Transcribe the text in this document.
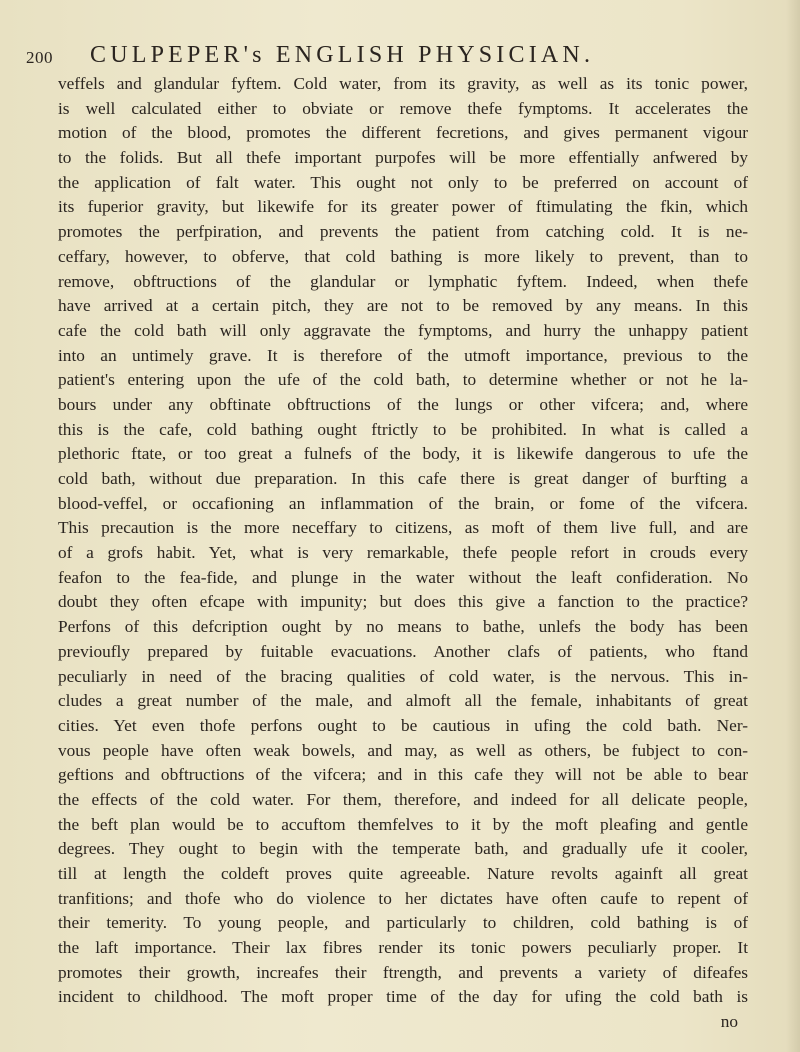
200 CULPEPER's ENGLISH PHYSICIAN.
veffels and glandular fyftem. Cold water, from its gravity, as well as its tonic power,
is well calculated either to obviate or remove thefe fymptoms. It accelerates the
motion of the blood, promotes the different fecretions, and gives permanent vigour
to the folids. But all thefe important purpofes will be more effentially anfwered by
the application of falt water. This ought not only to be preferred on account of
its fuperior gravity, but likewife for its greater power of ftimulating the fkin, which
promotes the perfpiration, and prevents the patient from catching cold. It is ne-
ceffary, however, to obferve, that cold bathing is more likely to prevent, than to
remove, obftructions of the glandular or lymphatic fyftem. Indeed, when thefe
have arrived at a certain pitch, they are not to be removed by any means. In this
cafe the cold bath will only aggravate the fymptoms, and hurry the unhappy patient
into an untimely grave. It is therefore of the utmoft importance, previous to the
patient's entering upon the ufe of the cold bath, to determine whether or not he la-
bours under any obftinate obftructions of the lungs or other vifcera; and, where
this is the cafe, cold bathing ought ftrictly to be prohibited. In what is called a
plethoric ftate, or too great a fulnefs of the body, it is likewife dangerous to ufe the
cold bath, without due preparation. In this cafe there is great danger of burfting a
blood-veffel, or occafioning an inflammation of the brain, or fome of the vifcera.
This precaution is the more neceffary to citizens, as moft of them live full, and are
of a grofs habit. Yet, what is very remarkable, thefe people refort in crouds every
feafon to the fea-fide, and plunge in the water without the leaft confideration. No
doubt they often efcape with impunity; but does this give a fanction to the practice?
Perfons of this defcription ought by no means to bathe, unlefs the body has been
previoufly prepared by fuitable evacuations. Another clafs of patients, who ftand
peculiarly in need of the bracing qualities of cold water, is the nervous. This in-
cludes a great number of the male, and almoft all the female, inhabitants of great
cities. Yet even thofe perfons ought to be cautious in ufing the cold bath. Ner-
vous people have often weak bowels, and may, as well as others, be fubject to con-
geftions and obftructions of the vifcera; and in this cafe they will not be able to bear
the effects of the cold water. For them, therefore, and indeed for all delicate people,
the beft plan would be to accuftom themfelves to it by the moft pleafing and gentle
degrees. They ought to begin with the temperate bath, and gradually ufe it cooler,
till at length the coldeft proves quite agreeable. Nature revolts againft all great
tranfitions; and thofe who do violence to her dictates have often caufe to repent of
their temerity. To young people, and particularly to children, cold bathing is of
the laft importance. Their lax fibres render its tonic powers peculiarly proper. It
promotes their growth, increafes their ftrength, and prevents a variety of difeafes
incident to childhood. The moft proper time of the day for ufing the cold bath is
no
